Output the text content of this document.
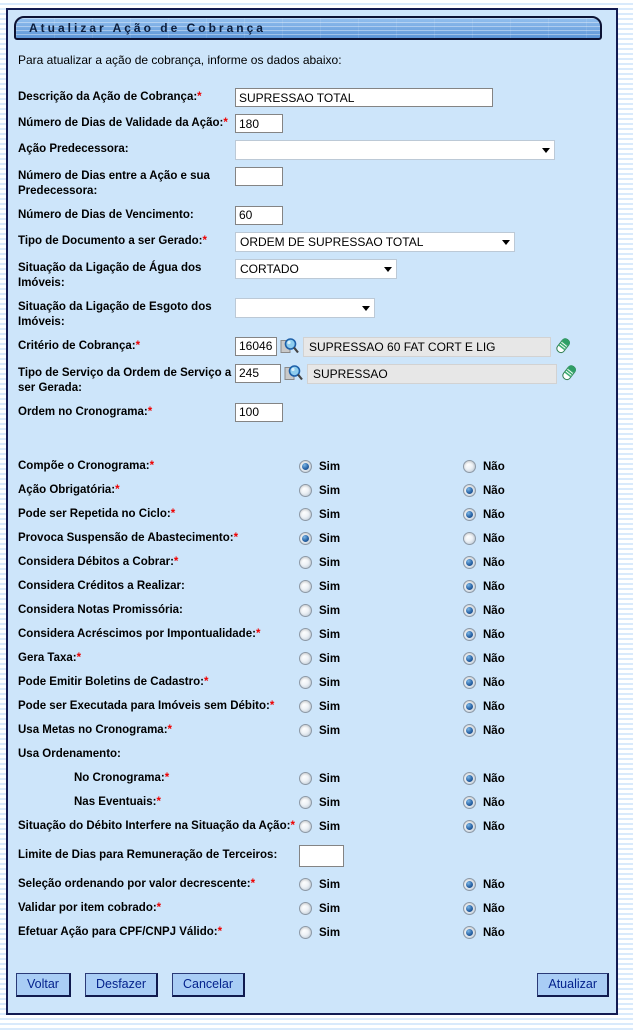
Atualizar Ação de Cobrança
Para atualizar a ação de cobrança, informe os dados abaixo:
Descrição da Ação de Cobrança:*
SUPRESSAO TOTAL
Número de Dias de Validade da Ação:*
180
Ação Predecessora:
Número de Dias entre a Ação e sua Predecessora:
Número de Dias de Vencimento:
60
Tipo de Documento a ser Gerado:*	ORDEM DE SUPRESSAO TOTAL
Situação da Ligação de Água dos Imóveis:
CORTADO
Situação da Ligação de Esgoto dos Imóveis:
Critério de Cobrança:*
160463	SUPRESSAO 60 FAT CORT E LIG
Tipo de Serviço da Ordem de Serviço a ser Gerada:
245
SUPRESSAO
Ordem no Cronograma:*
100
Compõe o Cronograma:*	Sim	Não
Ação Obrigatória:*	Sim	Não
Pode ser Repetida no Ciclo:*	Sim	Não
Provoca Suspensão de Abastecimento:*	Sim	Não
Considera Débitos a Cobrar:*	Sim	Não
Considera Créditos a Realizar:	Sim	Não
Considera Notas Promissória:	Sim	Não
Considera Acréscimos por Impontualidade:*	Sim	Não
Gera Taxa:*	Sim	Não
Pode Emitir Boletins de Cadastro:*	Sim	Não
Pode ser Executada para Imóveis sem Débito:*	Sim	Não
Usa Metas no Cronograma:*	Sim	Não
Usa Ordenamento:
No Cronograma:*	Sim	Não
Nas Eventuais:*	Sim	Não
Situação do Débito Interfere na Situação da Ação:*	Sim	Não
Limite de Dias para Remuneração de Terceiros:
Seleção ordenando por valor decrescente:*	Sim	Não
Validar por item cobrado:*	Sim	Não
Efetuar Ação para CPF/CNPJ Válido:*	Sim	Não
Voltar	Desfazer	Cancelar	Atualizar
